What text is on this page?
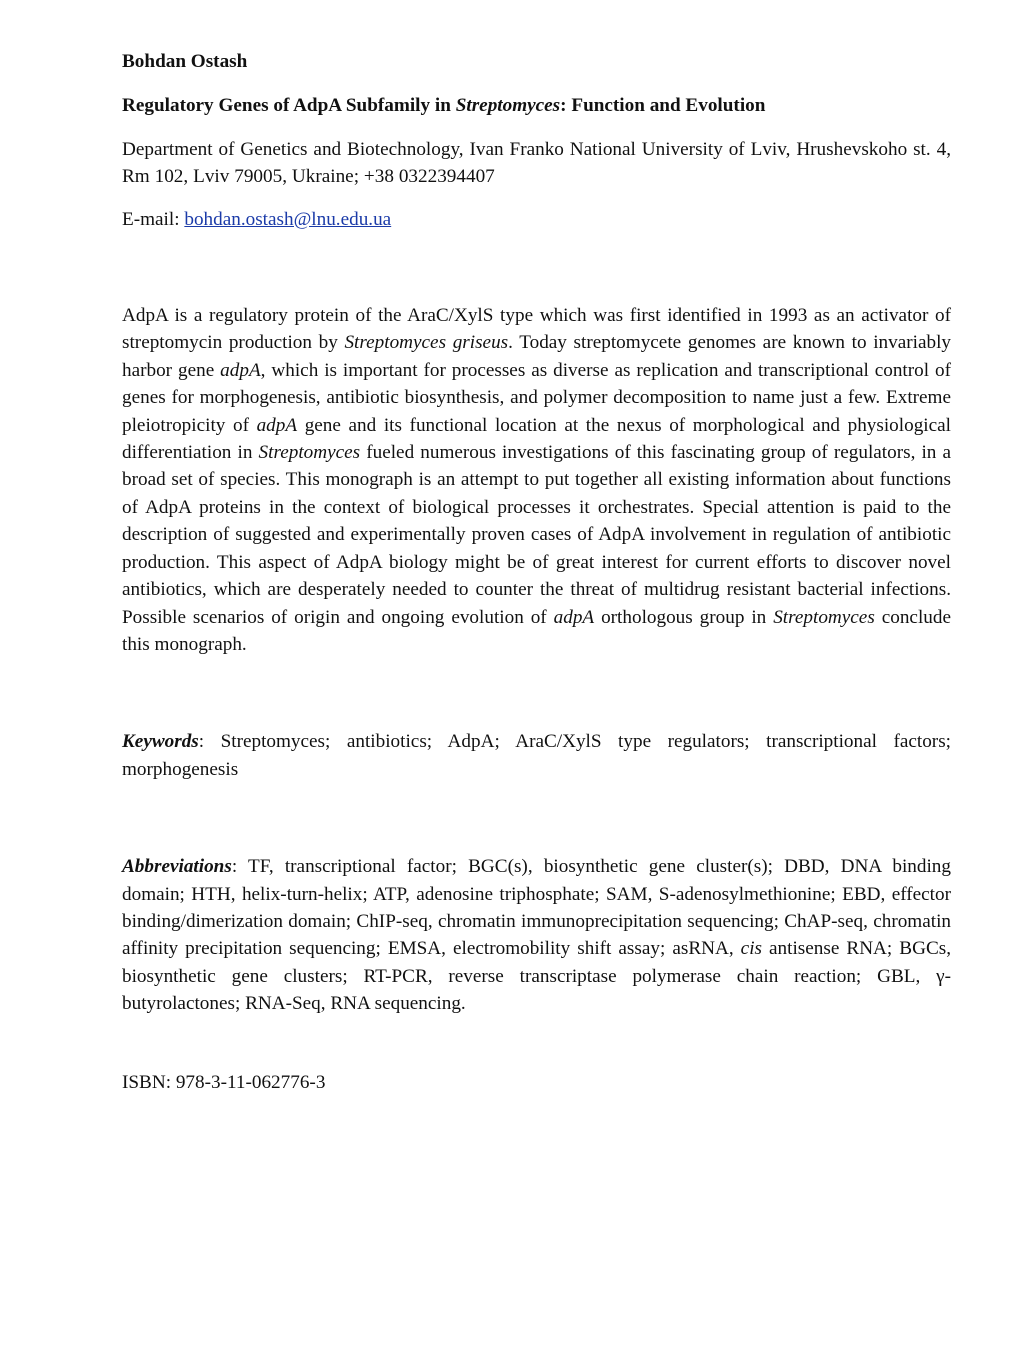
Bohdan Ostash

Regulatory Genes of AdpA Subfamily in Streptomyces: Function and Evolution

Department of Genetics and Biotechnology, Ivan Franko National University of Lviv, Hrushevskoho st. 4, Rm 102, Lviv 79005, Ukraine; +38 0322394407

E-mail: bohdan.ostash@lnu.edu.ua

AdpA is a regulatory protein of the AraC/XylS type which was first identified in 1993 as an activator of streptomycin production by Streptomyces griseus. Today streptomycete genomes are known to invariably harbor gene adpA, which is important for processes as diverse as replication and transcriptional control of genes for morphogenesis, antibiotic biosynthesis, and polymer decomposition to name just a few. Extreme pleiotropicity of adpA gene and its functional location at the nexus of morphological and physiological differentiation in Streptomyces fueled numerous investigations of this fascinating group of regulators, in a broad set of species. This monograph is an attempt to put together all existing information about functions of AdpA proteins in the context of biological processes it orchestrates. Special attention is paid to the description of suggested and experimentally proven cases of AdpA involvement in regulation of antibiotic production. This aspect of AdpA biology might be of great interest for current efforts to discover novel antibiotics, which are desperately needed to counter the threat of multidrug resistant bacterial infections. Possible scenarios of origin and ongoing evolution of adpA orthologous group in Streptomyces conclude this monograph.

Keywords: Streptomyces; antibiotics; AdpA; AraC/XylS type regulators; transcriptional factors; morphogenesis

Abbreviations: TF, transcriptional factor; BGC(s), biosynthetic gene cluster(s); DBD, DNA binding domain; HTH, helix-turn-helix; ATP, adenosine triphosphate; SAM, S-adenosylmethionine; EBD, effector binding/dimerization domain; ChIP-seq, chromatin immunoprecipitation sequencing; ChAP-seq, chromatin affinity precipitation sequencing; EMSA, electromobility shift assay; asRNA, cis antisense RNA; BGCs, biosynthetic gene clusters; RT-PCR, reverse transcriptase polymerase chain reaction; GBL, γ-butyrolactones; RNA-Seq, RNA sequencing.

ISBN: 978-3-11-062776-3
